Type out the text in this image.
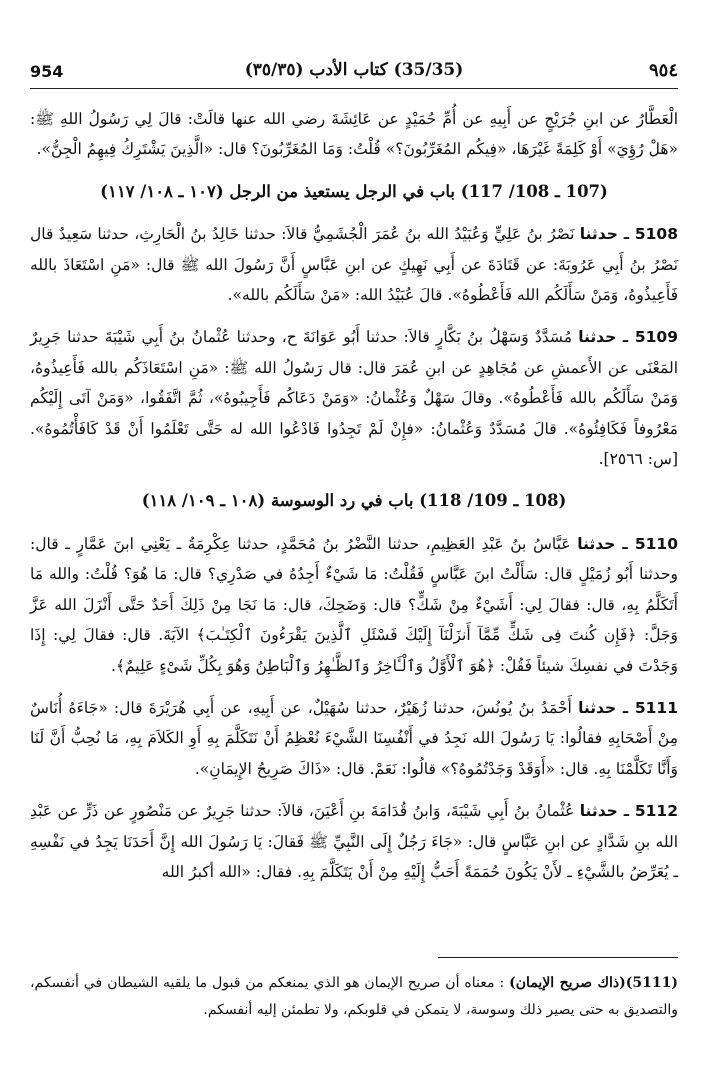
954	(35/35) كتاب الأدب (٣٥/٣٥)	٩٥٤

الْعَطَّارُ عن ابنِ جُرَيْجٍ عن أَبِيهِ عن أُمِّ حُمَيْدٍ عن عَائِشَةَ رضي الله عنها قالَتْ: قالَ لِي رَسُولُ اللهِ ﷺ: «هَلْ رُؤِيَ» أَوْ كَلِمَةً غَيْرَهَا، «فِيكُم المُغَرِّبُونَ؟» قُلْتُ: وَمَا المُغَرِّبُونَ؟ قال: «الَّذِينَ يَشْتَرِكُ فِيهِمُ الْجِنُّ».

(107 ـ 108/ 117) باب في الرجل يستعيذ من الرجل (١٠٧ ـ ١٠٨/ ١١٧)

5108 ـ حدثنا نَصْرُ بنُ عَلِيٍّ وَعُبَيْدُ الله بنُ عُمَرَ الْجُشَمِيُّ قالاَ: حدثنا خَالِدُ بنُ الْحَارِثِ، حدثنا سَعِيدٌ قال نَصْرُ بنُ أَبِي عَرُوبَةَ: عن قَتَادَةَ عن أَبِي نَهِيكٍ عن ابنِ عَبَّاسٍ أَنَّ رَسُولَ الله ﷺ قال: «مَنِ اسْتَعَاذَ بالله فَأَعِيذُوهُ، وَمَنْ سَأَلَكُم الله فَأَعْطُوهُ». قالَ عُبَيْدُ الله: «مَنْ سَأَلَكُم بالله».

5109 ـ حدثنا مُسَدَّدٌ وَسَهْلُ بنُ بَكَّارٍ قالاَ: حدثنا أَبُو عَوَانَةَ ح، وحدثنا عُثْمانُ بنُ أَبِي شَيْبَةَ حدثنا جَرِيرٌ المَعْنَى عن الأَعمشِ عن مُجَاهِدٍ عن ابنِ عُمَرَ قال: قال رَسُولُ الله ﷺ: «مَنِ اسْتَعَاذَكُم بالله فَأَعِيذُوهُ، وَمَنْ سَأَلَكُم بالله فَأَعْطُوهُ». وقالَ سَهْلٌ وَعُثْمانُ: «وَمَنْ دَعَاكُم فَأَجِيبُوهُ»، ثُمَّ اتَّفَقُوا، «وَمَنْ آتَى إِلَيْكُم مَعْرُوفاً فَكَافِئُوهُ». قالَ مُسَدَّدٌ وَعُثْمانُ: «فإِنْ لَمْ تَجِدُوا فَادْعُوا الله له حَتَّى تَعْلَمُوا أَنْ قَدْ كَافَأْتُمُوهُ». [س: ٢٥٦٦].

(108 ـ 109/ 118) باب في رد الوسوسة (١٠٨ ـ ١٠٩/ ١١٨)

5110 ـ حدثنا عَبَّاسُ بنُ عَبْدِ العَظِيمِ، حدثنا النَّضْرُ بنُ مُحَمَّدٍ، حدثنا عِكْرِمَةُ ـ يَعْنِي ابنَ عَمَّارٍ ـ قال: وحدثنا أَبُو زُمَيْلٍ قال: سَأَلْتُ ابنَ عَبَّاسٍ فَقُلْتُ: مَا شَيْءٌ أَجِدُهُ في صَدْرِي؟ قال: مَا هُوَ؟ قُلْتُ: والله مَا أَتَكَلَّمُ بِهِ، قال: فقالَ لِي: أَشَيْءٌ مِنْ شَكٍّ؟ قال: وَضَحِكَ، قال: مَا نَجَا مِنْ ذَلِكَ أَحَدٌ حَتَّى أَنْزَلَ الله عَزَّ وَجَلَّ: ﴿فَإِن كُنتَ فِى شَكٍّ مِّمَّآ أَنزَلْنَآ إِلَيْكَ فَسْئَلِ ٱلَّذِينَ يَقْرَءُونَ ٱلْكِتَـٰبَ﴾ الآيَةَ. قال: فقالَ لِي: إِذَا وَجَدْتَ في نفسِكَ شيئاً فَقُلْ: ﴿هُوَ ٱلْأَوَّلُ وَٱلْـَٔاخِرُ وَٱلظَّـٰهِرُ وَٱلْبَاطِنُ وَهُوَ بِكُلِّ شَىْءٍ عَلِيمٌ﴾.

5111 ـ حدثنا أَحْمَدُ بنُ يُونُسَ، حدثنا زُهَيْرٌ، حدثنا سُهَيْلٌ، عن أَبِيهِ، عن أَبِي هُرَيْرَةَ قال: «جَاءَهُ أُنَاسٌ مِنْ أَصْحَابِهِ فقالُوا: يَا رَسُولَ الله نَجِدُ في أَنْفُسِنَا الشَّيْءَ نُعْظِمُ أَنْ نَتَكَلَّمَ بِهِ أَوِ الكَلاَمَ بِهِ، مَا نُحِبُّ أَنَّ لَنَا وَأَنَّا تَكَلَّمْنَا بِهِ. قال: «أَوَقَدْ وَجَدْتُمُوهُ؟» قالُوا: نَعَمْ. قال: «ذَاكَ صَرِيحُ الإِيمَانِ».

5112 ـ حدثنا عُثْمانُ بنُ أَبِي شَيْبَةَ، وَابنُ قُدَامَةَ بنِ أَعْيَنَ، قالاَ: حدثنا جَرِيرٌ عن مَنْصُورٍ عن ذَرٍّ عن عَبْدِ الله بنِ شَدَّادٍ عن ابنِ عَبَّاسٍ قال: «جَاءَ رَجُلٌ إِلَى النَّبِيِّ ﷺ فَقالَ: يَا رَسُولَ الله إِنَّ أَحَدَنَا يَجِدُ في نَفْسِهِ ـ يُعَرِّضُ بالشَّيْءِ ـ لأَنْ يَكُونَ حُمَمَةً أَحَبُّ إِلَيْهِ مِنْ أَنْ يَتَكَلَّمَ بِهِ. فقال: «الله أكبرُ الله

(5111)(ذاك صريح الإيمان) : معناه أن صريح الإيمان هو الذي يمنعكم من قبول ما يلقيه الشيطان في أنفسكم، والتصديق به حتى يصير ذلك وسوسة، لا يتمكن في قلوبكم، ولا تطمئن إليه أنفسكم.
